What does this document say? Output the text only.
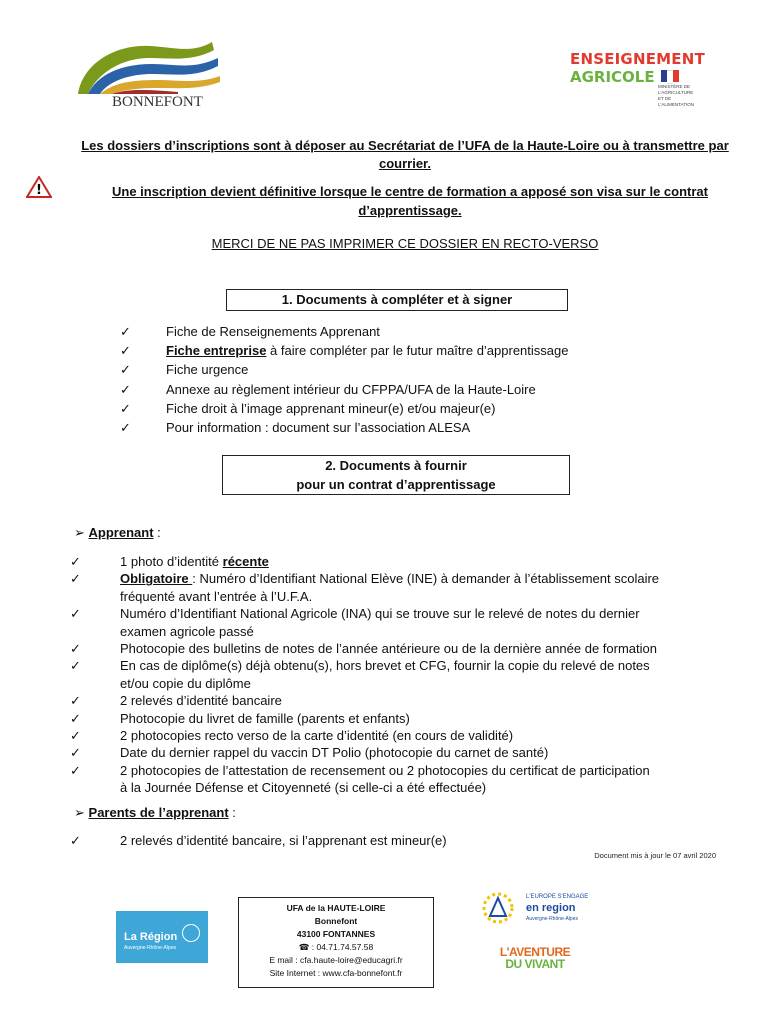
BONNEFONT
ENSEIGNEMENT
AGRICOLE
MINISTÈRE DE L'AGRICULTURE ET DE L'ALIMENTATION
Les dossiers d’inscriptions sont à déposer au Secrétariat de l’UFA de la Haute-Loire ou à transmettre par
courrier.
!	Une inscription devient définitive lorsque le centre de formation a apposé son visa sur le contrat
d’apprentissage.
MERCI DE NE PAS IMPRIMER CE DOSSIER EN RECTO-VERSO
1. Documents à compléter et à signer
✓	Fiche de Renseignements Apprenant
✓	Fiche entreprise à faire compléter par le futur maître d’apprentissage
✓	Fiche urgence
✓	Annexe au règlement intérieur du CFPPA/UFA de la Haute-Loire
✓	Fiche droit à l’image apprenant mineur(e) et/ou majeur(e)
✓	Pour information : document sur l’association ALESA
2. Documents à fournir
pour un contrat d’apprentissage
➢ Apprenant :
✓	1 photo d’identité récente
✓	Obligatoire : Numéro d’Identifiant National Elève (INE) à demander à l’établissement scolaire
fréquenté avant l’entrée à l’U.F.A.
✓	Numéro d’Identifiant National Agricole (INA) qui se trouve sur le relevé de notes du dernier
examen agricole passé
✓	Photocopie des bulletins de notes de l’année antérieure ou de la dernière année de formation
✓	En cas de diplôme(s) déjà obtenu(s), hors brevet et CFG, fournir la copie du relevé de notes
et/ou copie du diplôme
✓	2 relevés d’identité bancaire
✓	Photocopie du livret de famille (parents et enfants)
✓	2 photocopies recto verso de la carte d’identité (en cours de validité)
✓	Date du dernier rappel du vaccin DT Polio (photocopie du carnet de santé)
✓	2 photocopies de l’attestation de recensement ou 2 photocopies du certificat de participation
à la Journée Défense et Citoyenneté (si celle-ci a été effectuée)
➢ Parents de l’apprenant :
✓	2 relevés d’identité bancaire, si l’apprenant est mineur(e)
Document mis à jour le 07 avril 2020
La Région
Auvergne-Rhône-Alpes
UFA de la HAUTE-LOIRE
Bonnefont
43100 FONTANNES
☎ : 04.71.74.57.58
E mail : cfa.haute-loire@educagri.fr
Site Internet : www.cfa-bonnefont.fr
L'EUROPE S'ENGAGE
en region
Auvergne-Rhône-Alpes
L'AVENTURE
DU VIVANT
